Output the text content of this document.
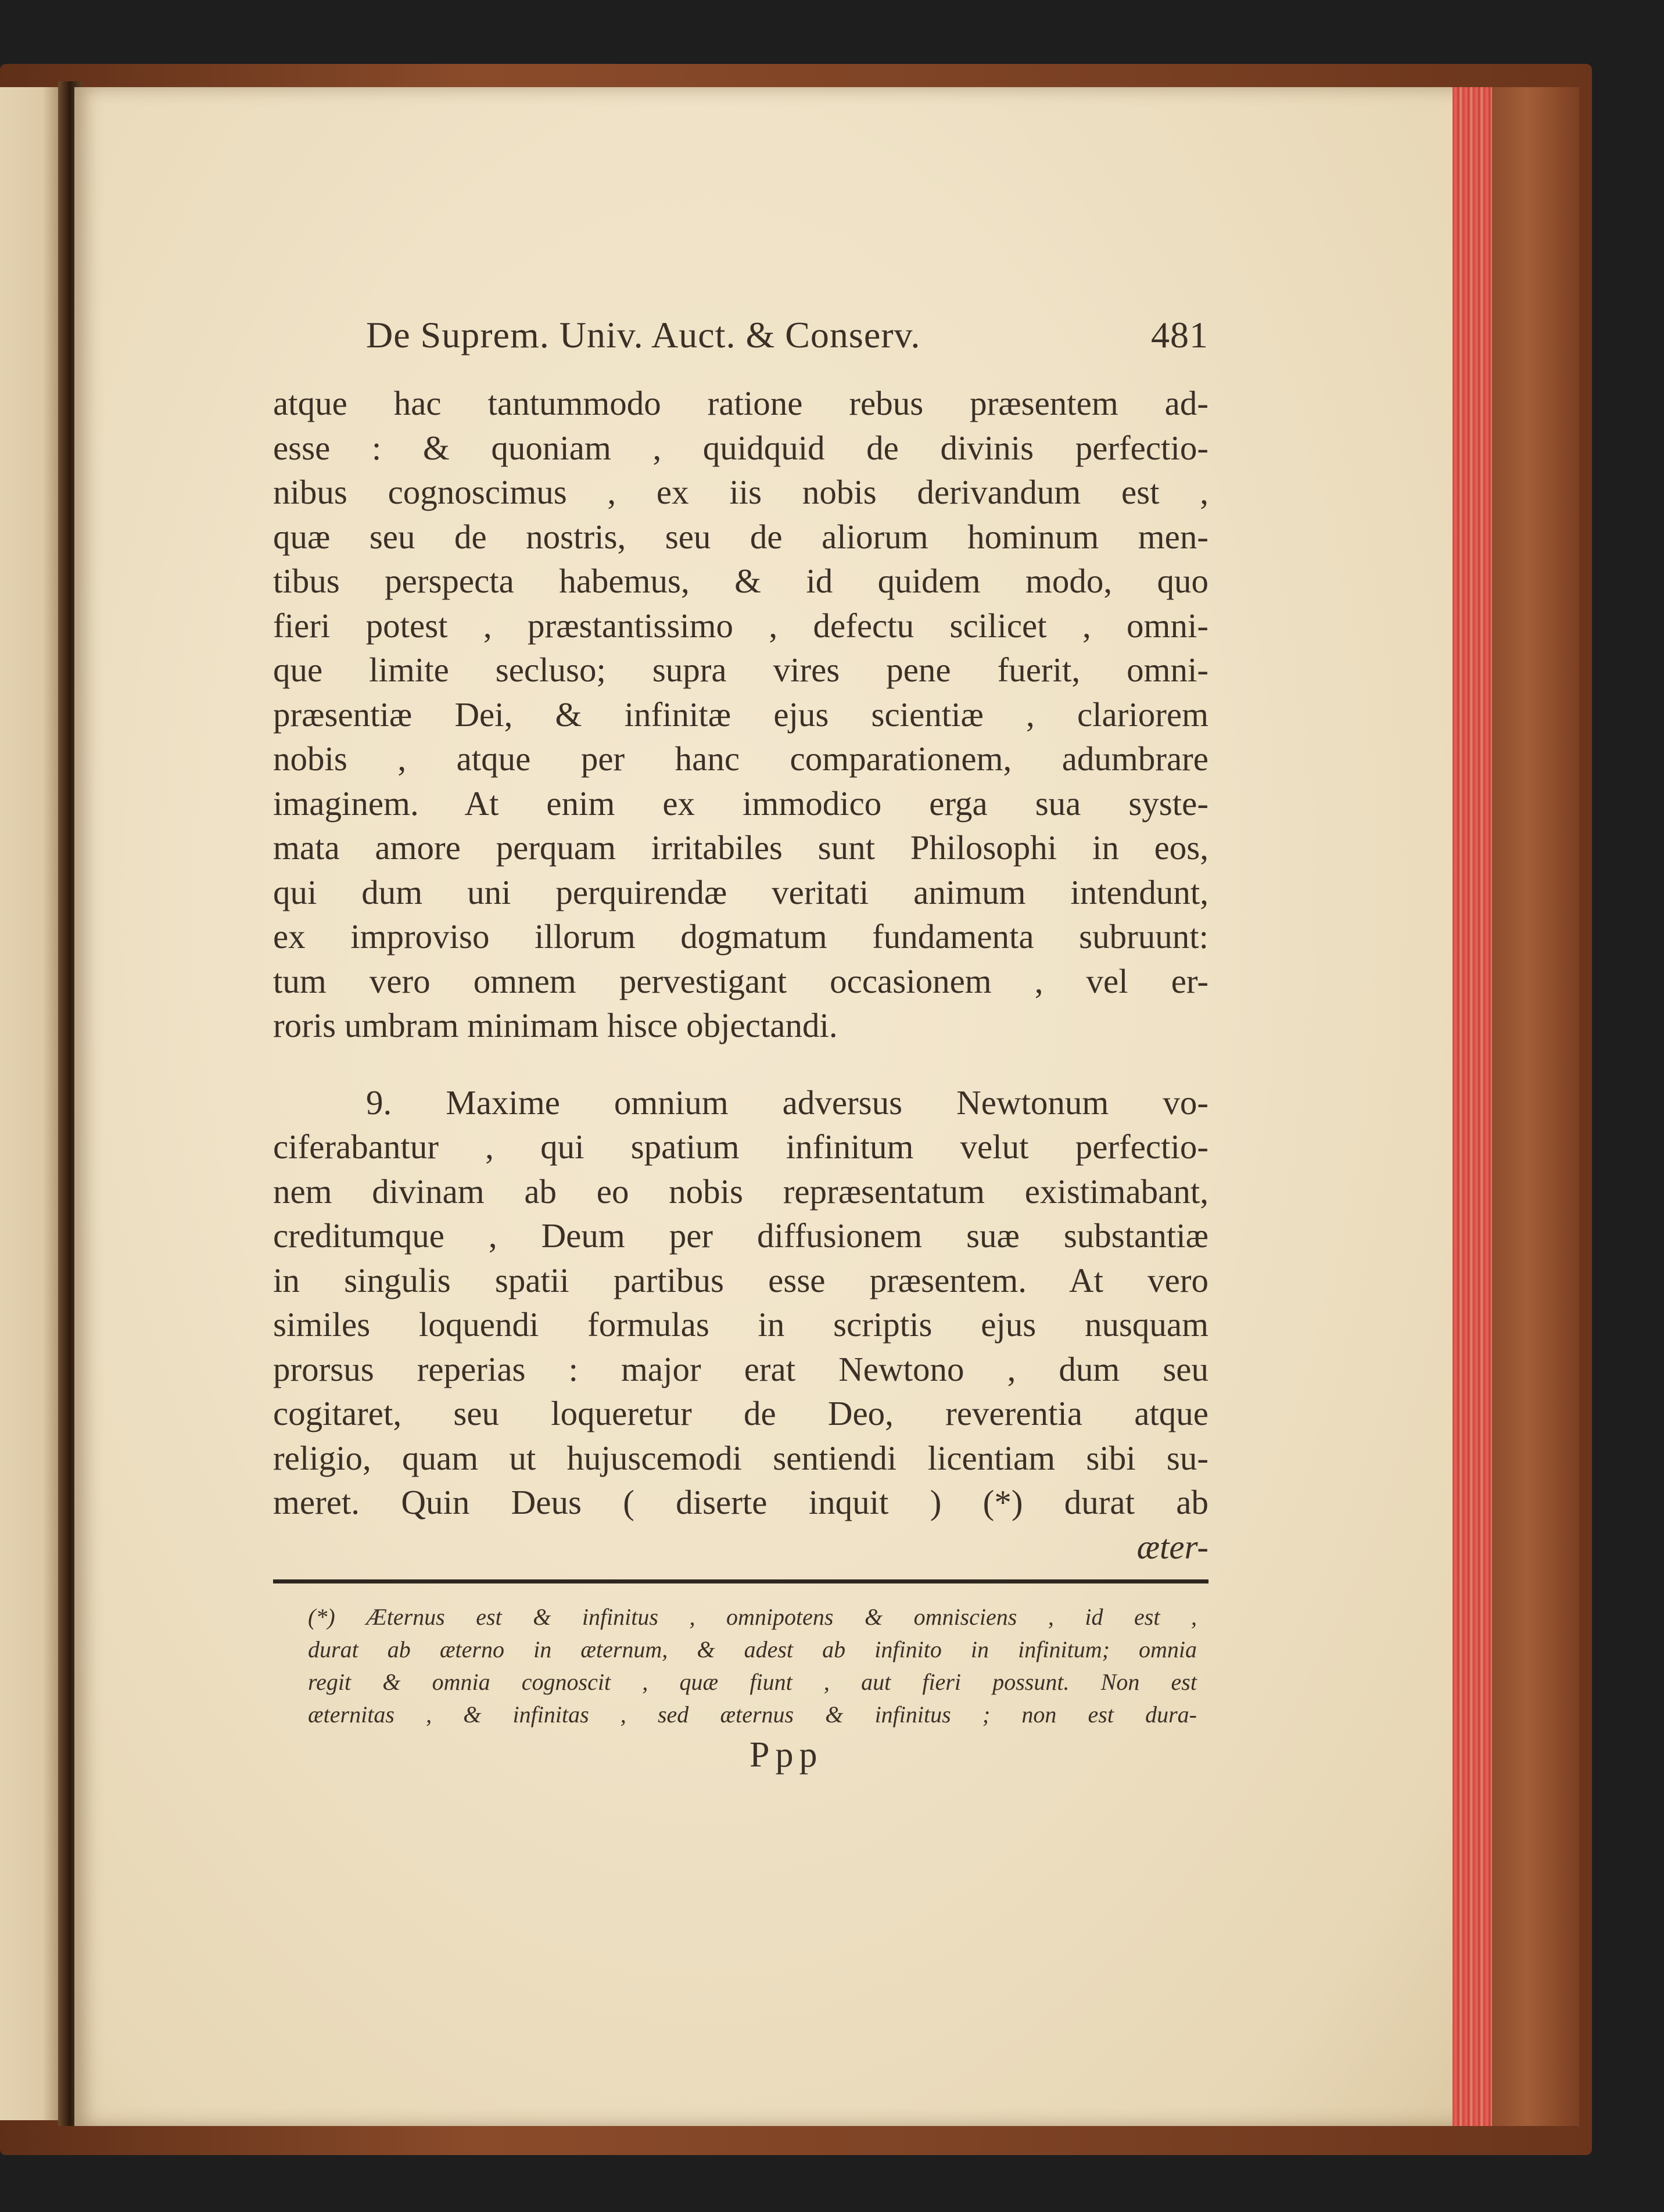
De Suprem. Univ. Auct. & Conserv.	481
atque hac tantummodo ratione rebus præsentem ad-
esse : & quoniam , quidquid de divinis perfectio-
nibus cognoscimus , ex iis nobis derivandum est ,
quæ seu de nostris, seu de aliorum hominum men-
tibus perspecta habemus, & id quidem modo, quo
fieri potest , præstantissimo , defectu scilicet , omni-
que limite secluso; supra vires pene fuerit, omni-
præsentiæ Dei, & infinitæ ejus scientiæ , clariorem
nobis , atque per hanc comparationem, adumbrare
imaginem. At enim ex immodico erga sua syste-
mata amore perquam irritabiles sunt Philosophi in eos,
qui dum uni perquirendæ veritati animum intendunt,
ex improviso illorum dogmatum fundamenta subruunt:
tum vero omnem pervestigant occasionem , vel er-
roris umbram minimam hisce objectandi.
9. Maxime omnium adversus Newtonum vo-
ciferabantur , qui spatium infinitum velut perfectio-
nem divinam ab eo nobis repræsentatum existimabant,
creditumque , Deum per diffusionem suæ substantiæ
in singulis spatii partibus esse præsentem. At vero
similes loquendi formulas in scriptis ejus nusquam
prorsus reperias : major erat Newtono , dum seu
cogitaret, seu loqueretur de Deo, reverentia atque
religio, quam ut hujuscemodi sentiendi licentiam sibi su-
meret. Quin Deus ( diserte inquit ) (*) durat ab
æter-
(*) Æternus est & infinitus , omnipotens & omnisciens , id est ,
durat ab æterno in æternum, & adest ab infinito in infinitum; omnia
regit & omnia cognoscit , quæ fiunt , aut fieri possunt. Non est
æternitas , & infinitas , sed æternus & infinitus ; non est dura-
Ppp
